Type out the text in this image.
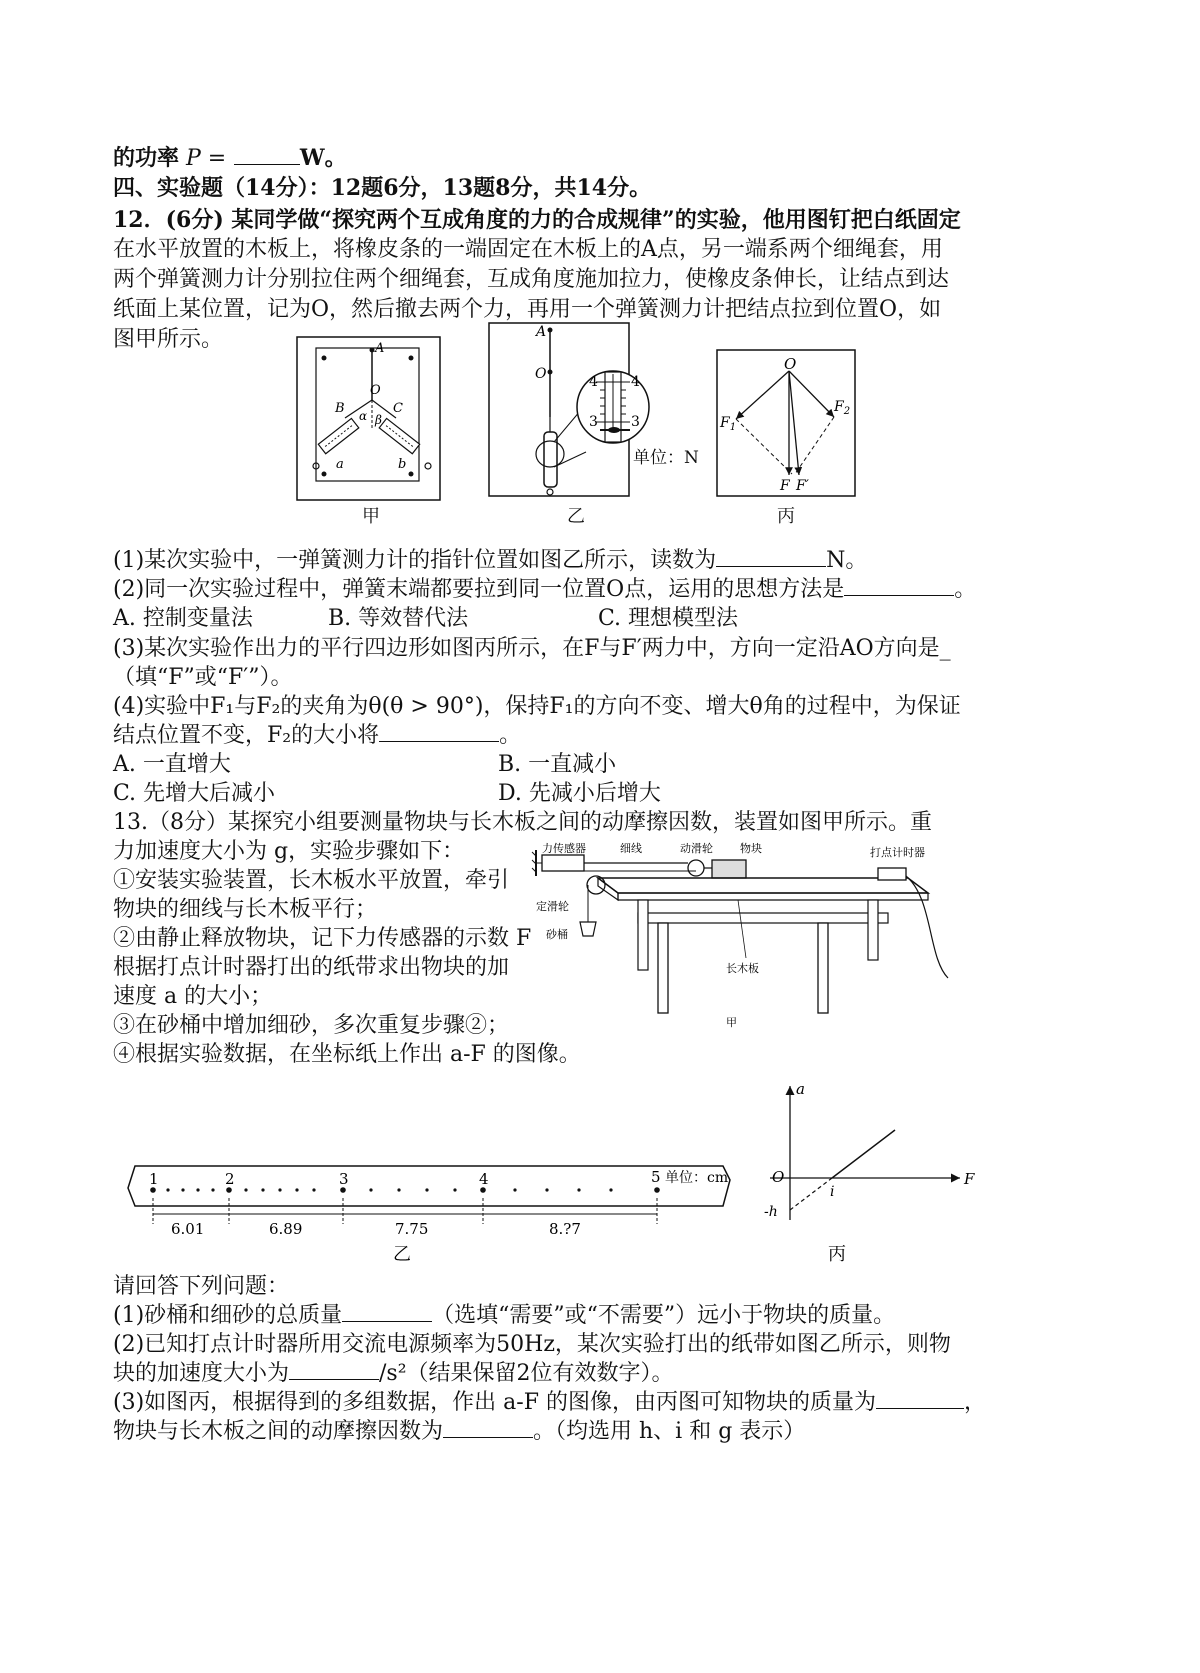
的功率 P =	W。
四、实验题（14分）：12题6分，13题8分，共14分。
12．(6分) 某同学做“探究两个互成角度的力的合成规律”的实验，他用图钉把白纸固定
在水平放置的木板上，将橡皮条的一端固定在木板上的A点，另一端系两个细绳套，用
两个弹簧测力计分别拉住两个细绳套，互成角度施加拉力，使橡皮条伸长，让结点到达
纸面上某位置，记为O，然后撤去两个力，再用一个弹簧测力计把结点拉到位置O，如
图甲所示。	A
O
B	C
α β
a	b
甲
4 4
3 3
A
O
单位：N
乙
O
$F_1$
$F_2$
F F′
丙
(1)某次实验中，一弹簧测力计的指针位置如图乙所示，读数为	N。
(2)同一次实验过程中，弹簧末端都要拉到同一位置O点，运用的思想方法是	。
A. 控制变量法	B. 等效替代法	C. 理想模型法
(3)某次实验作出力的平行四边形如图丙所示，在F与F′两力中，方向一定沿AO方向是_
（填“F”或“F′”）。
(4)实验中F₁与F₂的夹角为θ(θ > 90°)，保持F₁的方向不变、增大θ角的过程中，为保证
结点位置不变，F₂的大小将	。
A. 一直增大	B. 一直减小
C. 先增大后减小	D. 先减小后增大
13.（8分）某探究小组要测量物块与长木板之间的动摩擦因数，装置如图甲所示。重
力加速度大小为 g，实验步骤如下：
①安装实验装置，长木板水平放置，牵引
物块的细线与长木板平行；
②由静止释放物块，记下力传感器的示数 F
根据打点计时器打出的纸带求出物块的加
速度 a 的大小；
③在砂桶中增加细砂，多次重复步骤②；
④根据实验数据，在坐标纸上作出 a-F 的图像。
力传感器	细线	动滑轮 物块	打点计时器
定滑轮
砂桶
长木板
甲
1	2	3	4	5 单位：cm
6.01	6.89	7.75	8.?7
乙
a
F
O
i
-h
丙
请回答下列问题：
(1)砂桶和细砂的总质量	（选填“需要”或“不需要”）远小于物块的质量。
(2)已知打点计时器所用交流电源频率为50Hz，某次实验打出的纸带如图乙所示，则物
块的加速度大小为	/s²（结果保留2位有效数字）。
(3)如图丙，根据得到的多组数据，作出 a-F 的图像，由丙图可知物块的质量为	，
物块与长木板之间的动摩擦因数为	。（均选用 h、i 和 g 表示）
